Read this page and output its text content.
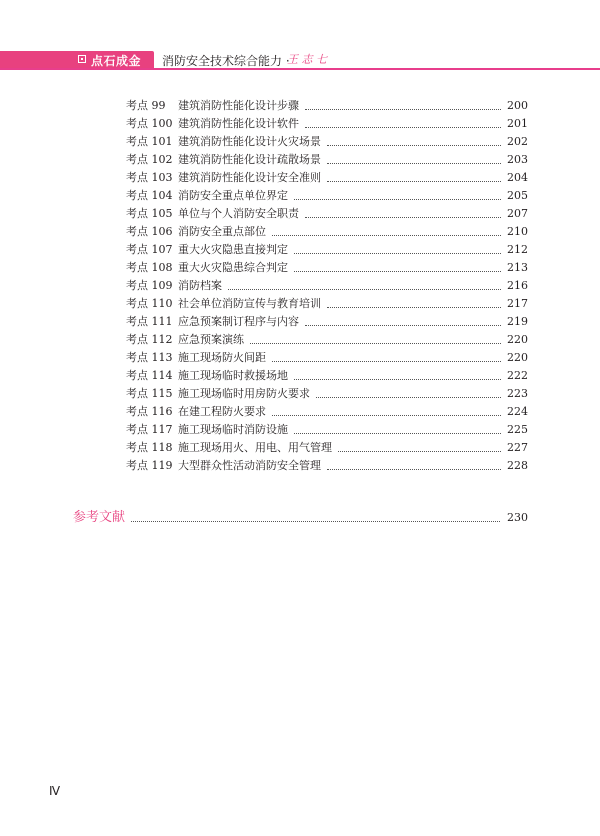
点石成金 消防安全技术综合能力 ·
王 志 七
考点 99 建筑消防性能化设计步骤	200
考点 100 建筑消防性能化设计软件	201
考点 101 建筑消防性能化设计火灾场景	202
考点 102 建筑消防性能化设计疏散场景	203
考点 103 建筑消防性能化设计安全准则	204
考点 104 消防安全重点单位界定	205
考点 105 单位与个人消防安全职责	207
考点 106 消防安全重点部位	210
考点 107 重大火灾隐患直接判定	212
考点 108 重大火灾隐患综合判定	213
考点 109 消防档案	216
考点 110 社会单位消防宣传与教育培训	217
考点 111 应急预案制订程序与内容	219
考点 112 应急预案演练	220
考点 113 施工现场防火间距	220
考点 114 施工现场临时救援场地	222
考点 115 施工现场临时用房防火要求	223
考点 116 在建工程防火要求	224
考点 117 施工现场临时消防设施	225
考点 118 施工现场用火、用电、用气管理	227
考点 119 大型群众性活动消防安全管理	228
参考文献	230
Ⅳ
